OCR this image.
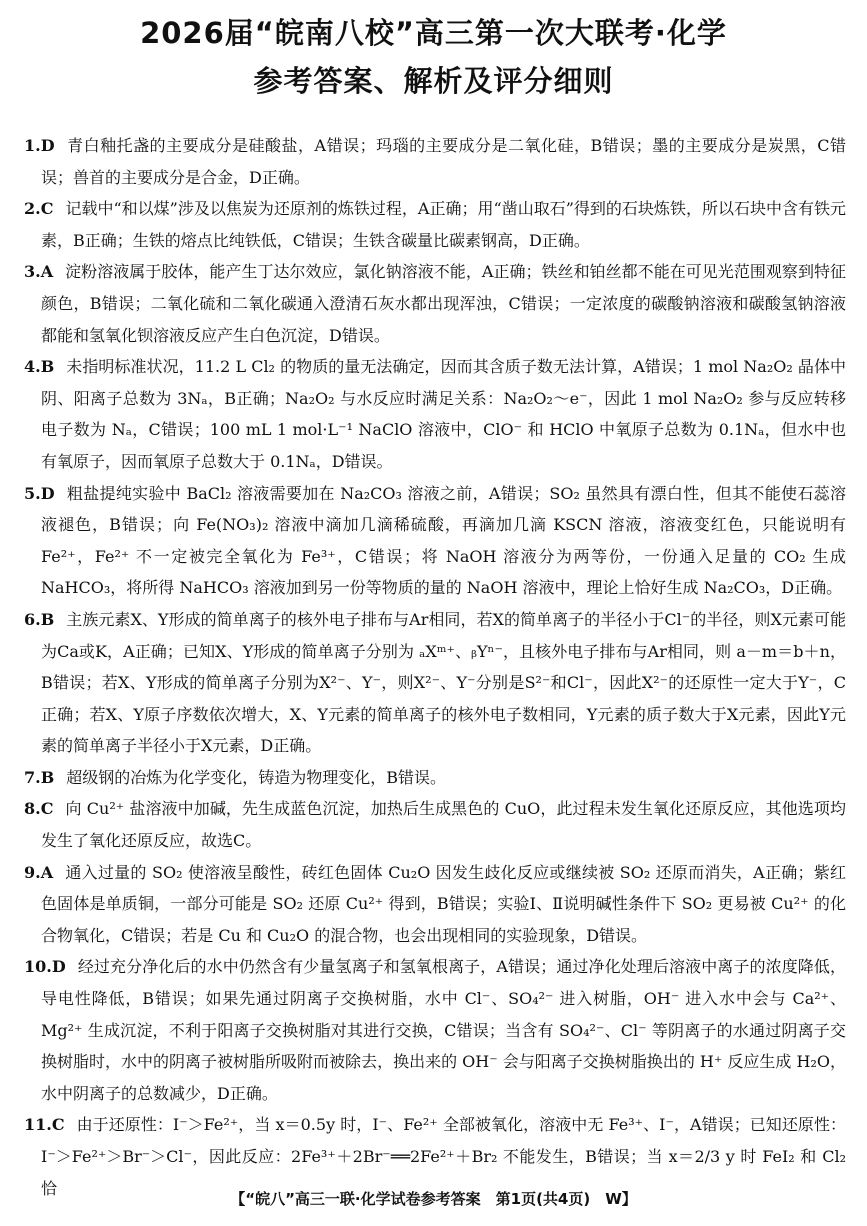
2026届“皖南八校”高三第一次大联考·化学
参考答案、解析及评分细则

1.D 青白釉托盏的主要成分是硅酸盐，A错误；玛瑙的主要成分是二氧化硅，B错误；墨的主要成分是炭黑，C错误；兽首的主要成分是合金，D正确。

2.C 记载中“和以煤”涉及以焦炭为还原剂的炼铁过程，A正确；用“凿山取石”得到的石块炼铁，所以石块中含有铁元素，B正确；生铁的熔点比纯铁低，C错误；生铁含碳量比碳素钢高，D正确。

3.A 淀粉溶液属于胶体，能产生丁达尔效应，氯化钠溶液不能，A正确；铁丝和铂丝都不能在可见光范围观察到特征颜色，B错误；二氧化硫和二氧化碳通入澄清石灰水都出现浑浊，C错误；一定浓度的碳酸钠溶液和碳酸氢钠溶液都能和氢氧化钡溶液反应产生白色沉淀，D错误。

4.B 未指明标准状况，11.2 L Cl₂ 的物质的量无法确定，因而其含质子数无法计算，A错误；1 mol Na₂O₂ 晶体中阴、阳离子总数为 3Nₐ，B正确；Na₂O₂ 与水反应时满足关系：Na₂O₂～e⁻，因此 1 mol Na₂O₂ 参与反应转移电子数为 Nₐ，C错误；100 mL 1 mol·L⁻¹ NaClO 溶液中，ClO⁻ 和 HClO 中氧原子总数为 0.1Nₐ，但水中也有氧原子，因而氧原子总数大于 0.1Nₐ，D错误。

5.D 粗盐提纯实验中 BaCl₂ 溶液需要加在 Na₂CO₃ 溶液之前，A错误；SO₂ 虽然具有漂白性，但其不能使石蕊溶液褪色，B错误；向 Fe(NO₃)₂ 溶液中滴加几滴稀硫酸，再滴加几滴 KSCN 溶液，溶液变红色，只能说明有 Fe²⁺，Fe²⁺ 不一定被完全氧化为 Fe³⁺，C错误；将 NaOH 溶液分为两等份，一份通入足量的 CO₂ 生成 NaHCO₃，将所得 NaHCO₃ 溶液加到另一份等物质的量的 NaOH 溶液中，理论上恰好生成 Na₂CO₃，D正确。

6.B 主族元素X、Y形成的简单离子的核外电子排布与Ar相同，若X的简单离子的半径小于Cl⁻的半径，则X元素可能为Ca或K，A正确；已知X、Y形成的简单离子分别为 ₐXᵐ⁺、ᵦYⁿ⁻，且核外电子排布与Ar相同，则 a－m＝b＋n，B错误；若X、Y形成的简单离子分别为X²⁻、Y⁻，则X²⁻、Y⁻分别是S²⁻和Cl⁻，因此X²⁻的还原性一定大于Y⁻，C正确；若X、Y原子序数依次增大，X、Y元素的简单离子的核外电子数相同，Y元素的质子数大于X元素，因此Y元素的简单离子半径小于X元素，D正确。

7.B 超级钢的冶炼为化学变化，铸造为物理变化，B错误。

8.C 向 Cu²⁺ 盐溶液中加碱，先生成蓝色沉淀，加热后生成黑色的 CuO，此过程未发生氧化还原反应，其他选项均发生了氧化还原反应，故选C。

9.A 通入过量的 SO₂ 使溶液呈酸性，砖红色固体 Cu₂O 因发生歧化反应或继续被 SO₂ 还原而消失，A正确；紫红色固体是单质铜，一部分可能是 SO₂ 还原 Cu²⁺ 得到，B错误；实验Ⅰ、Ⅱ说明碱性条件下 SO₂ 更易被 Cu²⁺ 的化合物氧化，C错误；若是 Cu 和 Cu₂O 的混合物，也会出现相同的实验现象，D错误。

10.D 经过充分净化后的水中仍然含有少量氢离子和氢氧根离子，A错误；通过净化处理后溶液中离子的浓度降低，导电性降低，B错误；如果先通过阴离子交换树脂，水中 Cl⁻、SO₄²⁻ 进入树脂，OH⁻ 进入水中会与 Ca²⁺、Mg²⁺ 生成沉淀，不利于阳离子交换树脂对其进行交换，C错误；当含有 SO₄²⁻、Cl⁻ 等阴离子的水通过阴离子交换树脂时，水中的阴离子被树脂所吸附而被除去，换出来的 OH⁻ 会与阳离子交换树脂换出的 H⁺ 反应生成 H₂O，水中阴离子的总数减少，D正确。

11.C 由于还原性：I⁻＞Fe²⁺，当 x＝0.5y 时，I⁻、Fe²⁺ 全部被氧化，溶液中无 Fe³⁺、I⁻，A错误；已知还原性：I⁻＞Fe²⁺＞Br⁻＞Cl⁻，因此反应：2Fe³⁺＋2Br⁻══2Fe²⁺＋Br₂ 不能发生，B错误；当 x＝2/3 y 时 FeI₂ 和 Cl₂ 恰

【“皖八”高三一联·化学试卷参考答案　第1页(共4页)　W】
